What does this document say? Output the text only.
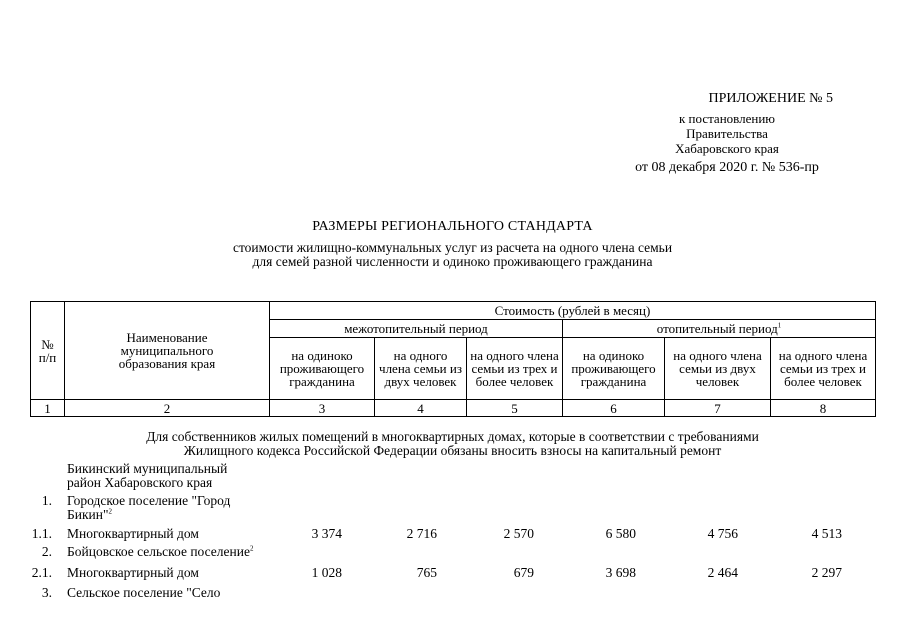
ПРИЛОЖЕНИЕ № 5
к постановлению
Правительства
Хабаровского края
от 08 декабря 2020 г. № 536-пр
РАЗМЕРЫ РЕГИОНАЛЬНОГО СТАНДАРТА
стоимости жилищно-коммунальных услуг из расчета на одного члена семьи
для семей разной численности и одиноко проживающего гражданина
№ п/п	Наименование муниципального образования края	Стоимость (рублей в месяц)					
		межотопительный период			отопительный период$^1$
		на одиноко проживающего гражданина	на одного члена семьи из двух человек	на одного члена семьи из трех и более человек	на одиноко проживающего гражданина	на одного члена семьи из двух человек	на одного члена семьи из трех и более человек
1	2	3	4	5	6	7	8
Для собственников жилых помещений в многоквартирных домах, которые в соответствии с требованиями
Жилищного кодекса Российской Федерации обязаны вносить взносы на капитальный ремонт
Бикинский муниципальный
район Хабаровского края
1. Городское поселение "Город
Бикин"$^2$
1.1. Многоквартирный дом	3 374	2 716	2 570	6 580	4 756	4 513
2. Бойцовское сельское поселение$^2$
2.1. Многоквартирный дом	1 028	765	679	3 698	2 464	2 297
3. Сельское поселение "Село
